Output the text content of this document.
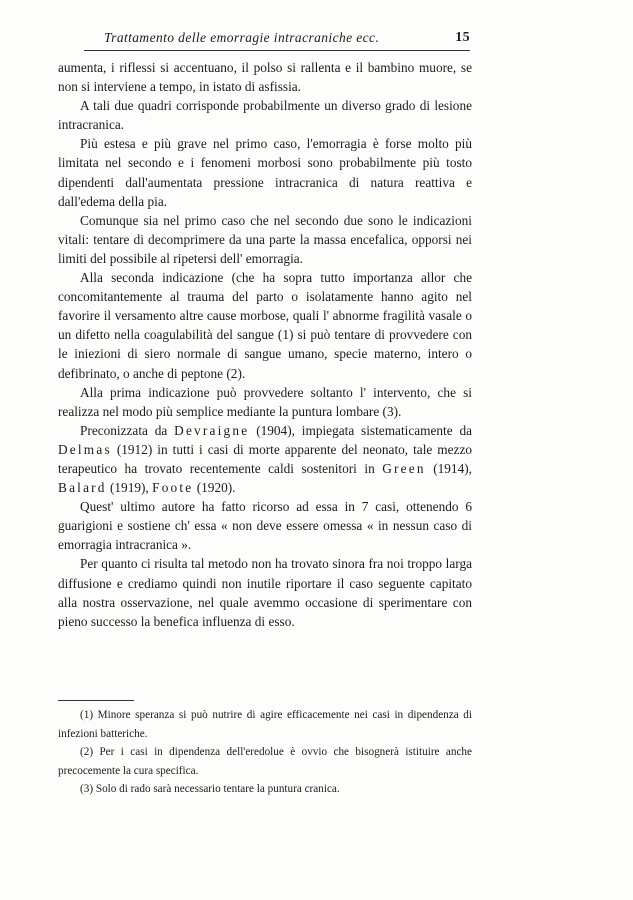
Trattamento delle emorragie intracraniche ecc.	15

aumenta, i riflessi si accentuano, il polso si rallenta e il bambino muore, se non si interviene a tempo, in istato di asfissia.

A tali due quadri corrisponde probabilmente un diverso grado di lesione intracranica.

Più estesa e più grave nel primo caso, l'emorragia è forse molto più limitata nel secondo e i fenomeni morbosi sono probabilmente più tosto dipendenti dall'aumentata pressione intracranica di natura reattiva e dall'edema della pia.

Comunque sia nel primo caso che nel secondo due sono le indicazioni vitali: tentare di decomprimere da una parte la massa encefalica, opporsi nei limiti del possibile al ripetersi dell' emorragia.

Alla seconda indicazione (che ha sopra tutto importanza allor che concomitantemente al trauma del parto o isolatamente hanno agito nel favorire il versamento altre cause morbose, quali l' abnorme fragilità vasale o un difetto nella coagulabilità del sangue (1) si può tentare di provvedere con le iniezioni di siero normale di sangue umano, specie materno, intero o defibrinato, o anche di peptone (2).

Alla prima indicazione può provvedere soltanto l' intervento, che si realizza nel modo più semplice mediante la puntura lombare (3).

Preconizzata da Devraigne (1904), impiegata sistematicamente da Delmas (1912) in tutti i casi di morte apparente del neonato, tale mezzo terapeutico ha trovato recentemente caldi sostenitori in Green (1914), Balard (1919), Foote (1920).

Quest' ultimo autore ha fatto ricorso ad essa in 7 casi, ottenendo 6 guarigioni e sostiene ch' essa « non deve essere omessa « in nessun caso di emorragia intracranica ».

Per quanto ci risulta tal metodo non ha trovato sinora fra noi troppo larga diffusione e crediamo quindi non inutile riportare il caso seguente capitato alla nostra osservazione, nel quale avemmo occasione di sperimentare con pieno successo la benefica influenza di esso.

(1) Minore speranza si può nutrire di agire efficacemente nei casi in dipendenza di infezioni batteriche.

(2) Per i casi in dipendenza dell'eredolue è ovvio che bisognerà istituire anche precocemente la cura specifica.

(3) Solo di rado sarà necessario tentare la puntura cranica.
